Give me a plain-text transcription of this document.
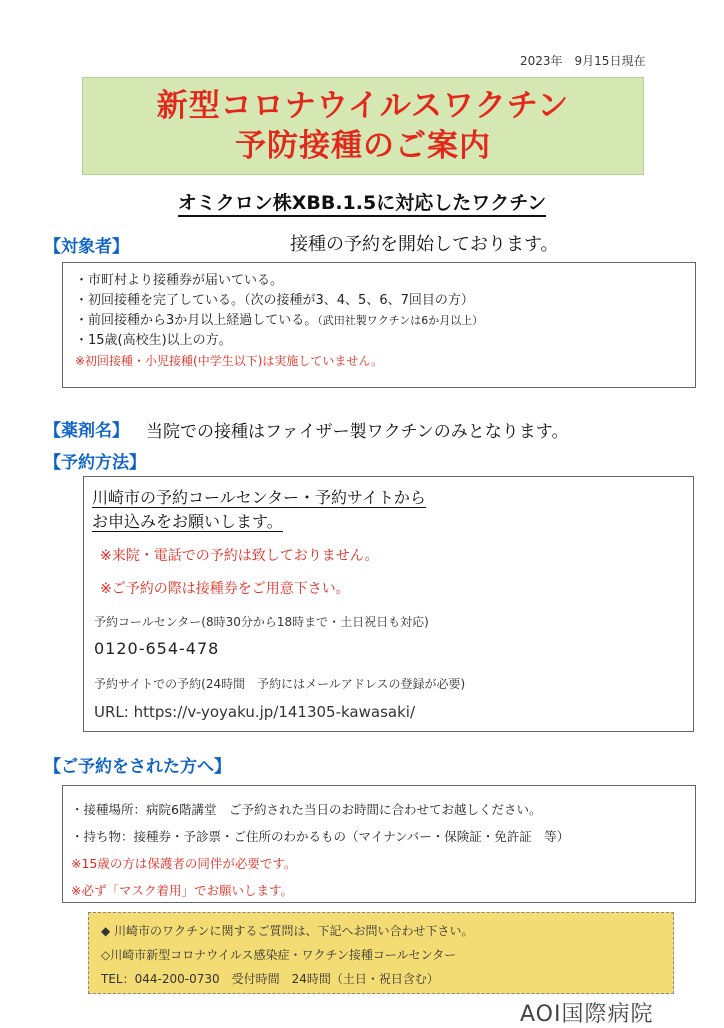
2023年　9月15日現在
新型コロナウイルスワクチン
予防接種のご案内
オミクロン株XBB.1.5に対応したワクチン
【対象者】	接種の予約を開始しております。
・市町村より接種券が届いている。
・初回接種を完了している。（次の接種が3、4、5、6、7回目の方）
・前回接種から3か月以上経過している。（武田社製ワクチンは6か月以上）
・15歳(高校生)以上の方。
※初回接種・小児接種(中学生以下)は実施していません。
【薬剤名】 当院での接種はファイザー製ワクチンのみとなります。
【予約方法】
川崎市の予約コールセンター・予約サイトから
お申込みをお願いします。
※来院・電話での予約は致しておりません。
※ご予約の際は接種券をご用意下さい。
予約コールセンター(8時30分から18時まで・土日祝日も対応)
0120-654-478
予約サイトでの予約(24時間　予約にはメールアドレスの登録が必要)
URL: https://v-yoyaku.jp/141305-kawasaki/
【ご予約をされた方へ】
・接種場所：病院6階講堂　ご予約された当日のお時間に合わせてお越しください。
・持ち物：接種券・予診票・ご住所のわかるもの（マイナンバー・保険証・免許証　等）
※15歳の方は保護者の同伴が必要です。
※必ず「マスク着用」でお願いします。
◆ 川崎市のワクチンに関するご質問は、下記へお問い合わせ下さい。
◇川崎市新型コロナウイルス感染症・ワクチン接種コールセンター
TEL：044-200-0730　受付時間　24時間（土日・祝日含む）
AOI国際病院
